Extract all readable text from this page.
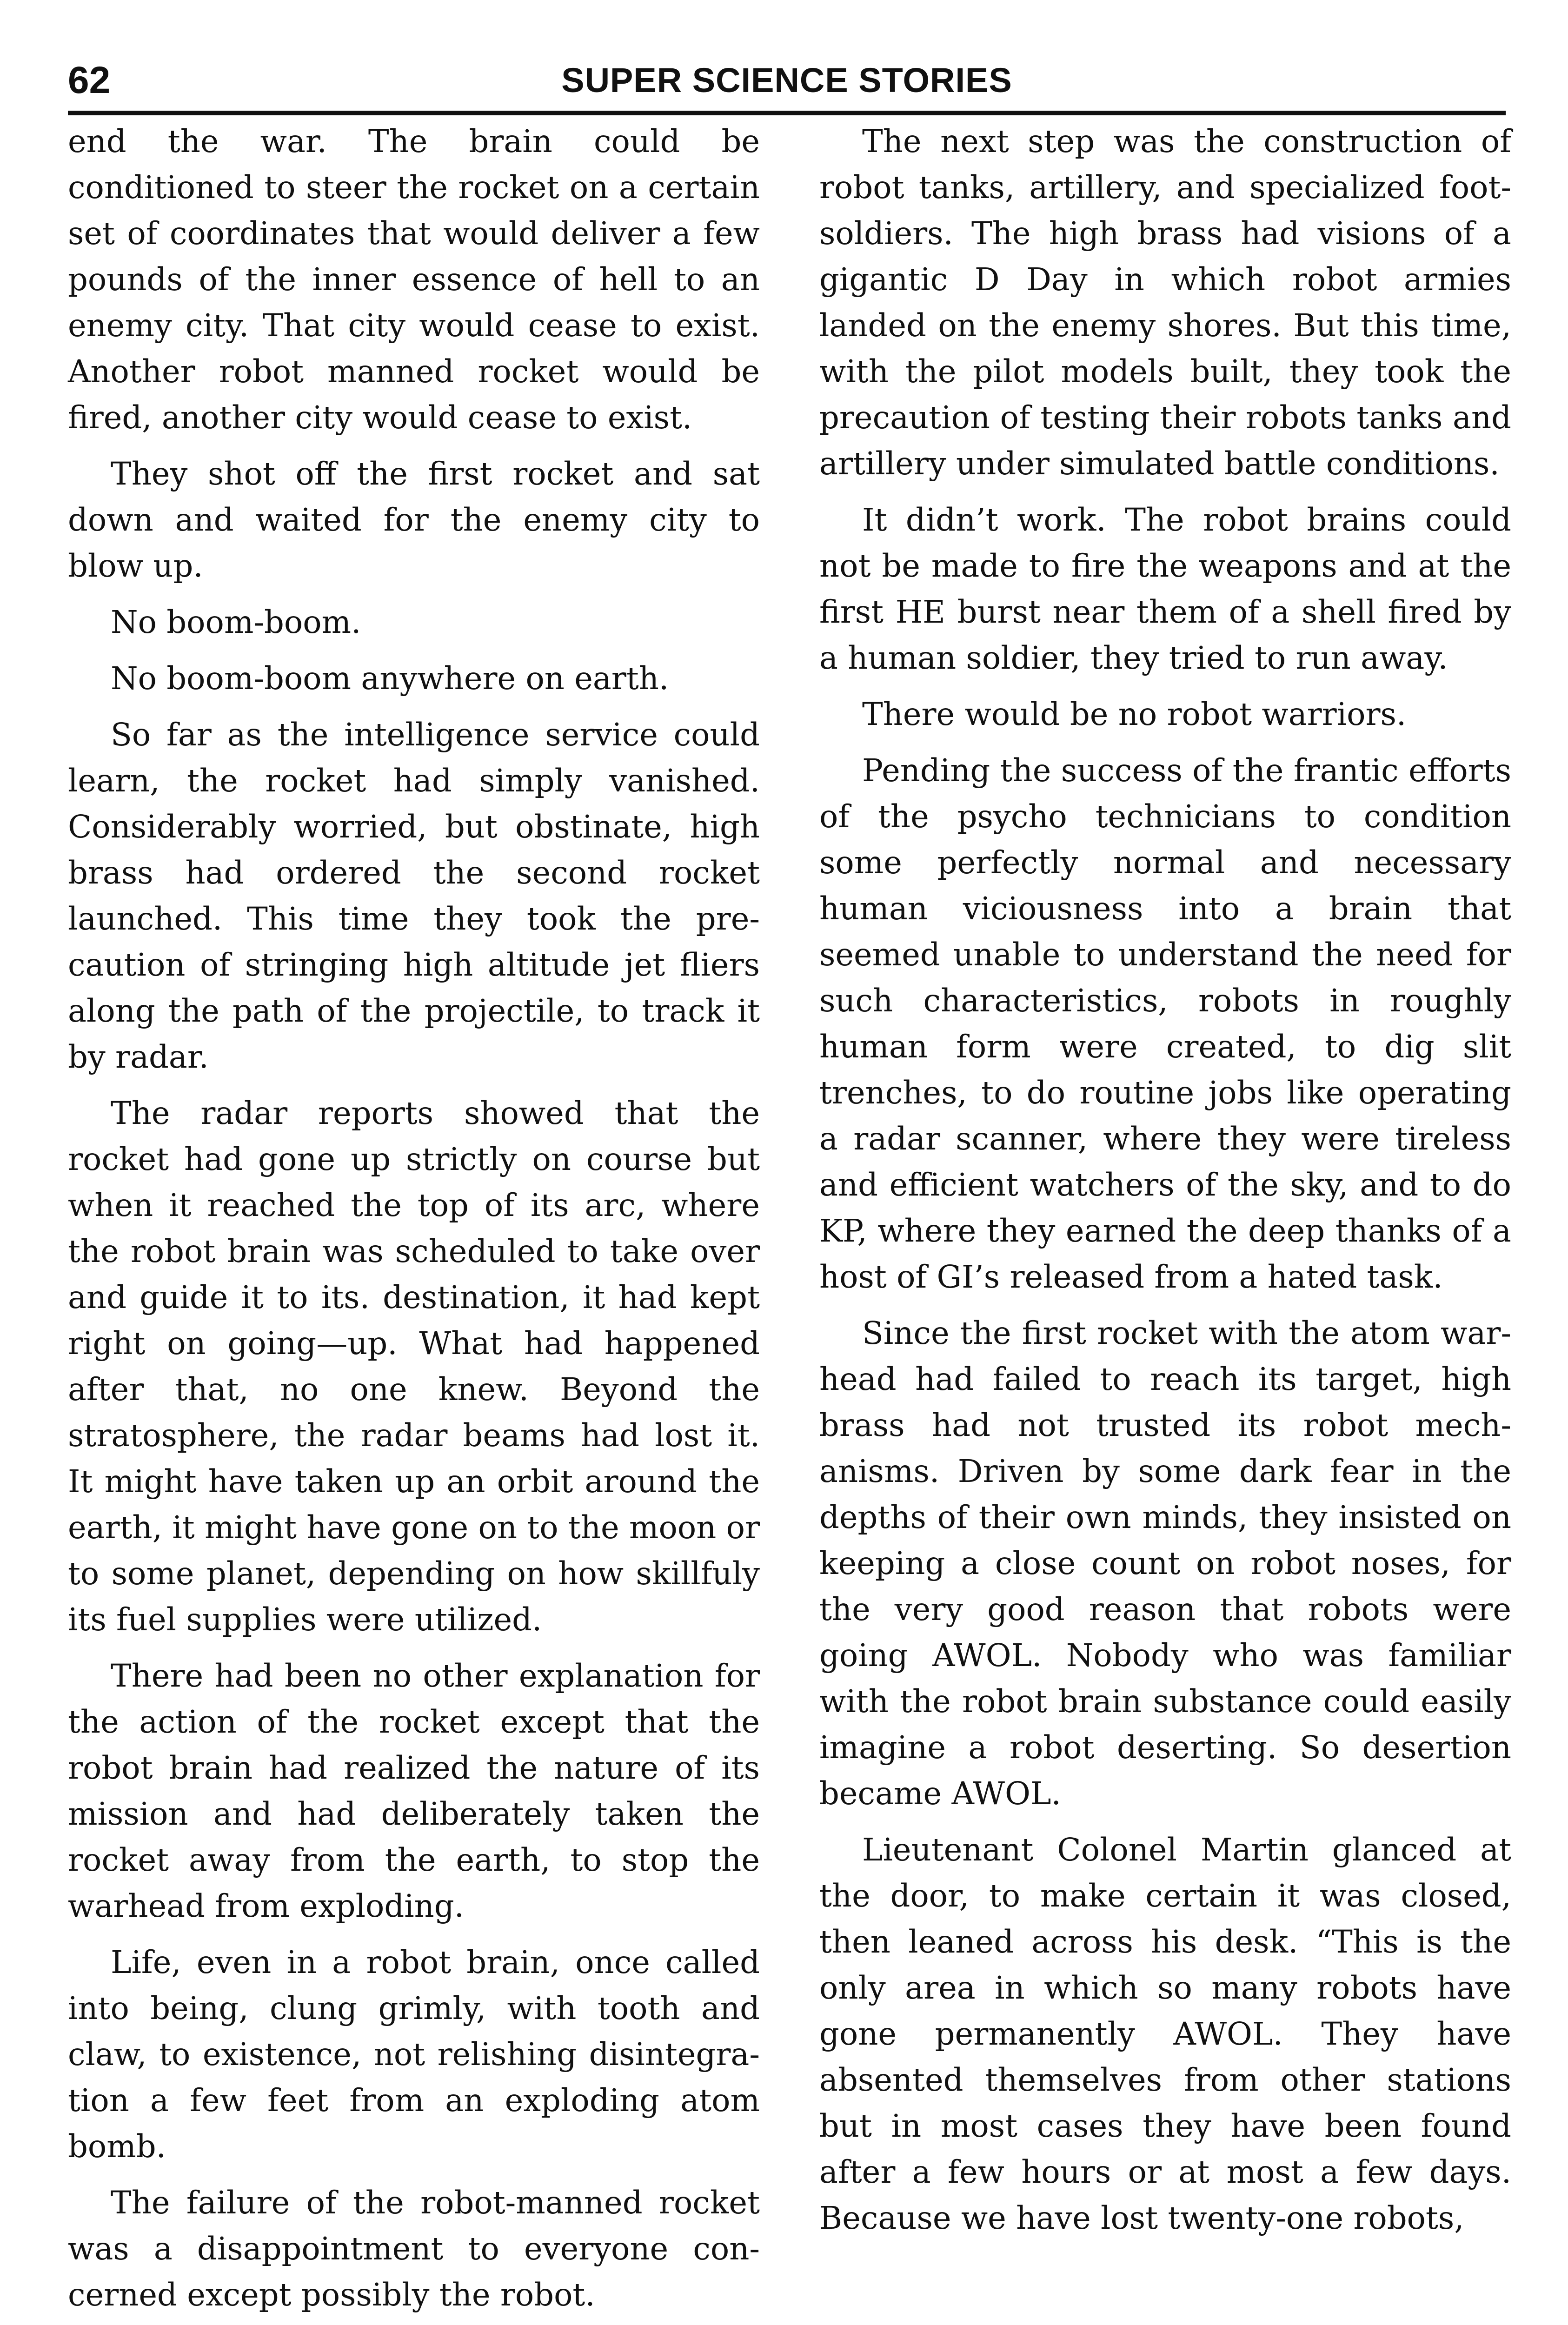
62	SUPER SCIENCE STORIES

end the war. The brain could be conditioned to steer the rocket on a certain set of coordinates that would deliver a few pounds of the inner essence of hell to an enemy city. That city would cease to exist. Another robot manned rocket would be fired, another city would cease to exist.

They shot off the first rocket and sat down and waited for the enemy city to blow up.

No boom-boom.

No boom-boom anywhere on earth.

So far as the intelligence service could learn, the rocket had simply vanished. Considerably worried, but obstinate, high brass had ordered the second rocket launched. This time they took the precaution of stringing high altitude jet fliers along the path of the projectile, to track it by radar.

The radar reports showed that the rocket had gone up strictly on course but when it reached the top of its arc, where the robot brain was scheduled to take over and guide it to its. destination, it had kept right on going—up. What had happened after that, no one knew. Beyond the stratosphere, the radar beams had lost it. It might have taken up an orbit around the earth, it might have gone on to the moon or to some planet, depending on how skillfuly its fuel supplies were utilized.

There had been no other explanation for the action of the rocket except that the robot brain had realized the nature of its mission and had deliberately taken the rocket away from the earth, to stop the warhead from exploding.

Life, even in a robot brain, once called into being, clung grimly, with tooth and claw, to existence, not relishing disintegration a few feet from an exploding atom bomb.

The failure of the robot-manned rocket was a disappointment to everyone concerned except possibly the robot.

The next step was the construction of robot tanks, artillery, and specialized foot-soldiers. The high brass had visions of a gigantic D Day in which robot armies landed on the enemy shores. But this time, with the pilot models built, they took the precaution of testing their robots tanks and artillery under simulated battle conditions.

It didn’t work. The robot brains could not be made to fire the weapons and at the first HE burst near them of a shell fired by a human soldier, they tried to run away.

There would be no robot warriors.

Pending the success of the frantic efforts of the psycho technicians to condition some perfectly normal and necessary human viciousness into a brain that seemed unable to understand the need for such characteristics, robots in roughly human form were created, to dig slit trenches, to do routine jobs like operating a radar scanner, where they were tireless and efficient watchers of the sky, and to do KP, where they earned the deep thanks of a host of GI’s released from a hated task.

Since the first rocket with the atom warhead had failed to reach its target, high brass had not trusted its robot mechanisms. Driven by some dark fear in the depths of their own minds, they insisted on keeping a close count on robot noses, for the very good reason that robots were going AWOL. Nobody who was familiar with the robot brain substance could easily imagine a robot deserting. So desertion became AWOL.

Lieutenant Colonel Martin glanced at the door, to make certain it was closed, then leaned across his desk. “This is the only area in which so many robots have gone permanently AWOL. They have absented themselves from other stations but in most cases they have been found after a few hours or at most a few days. Because we have lost twenty-one robots,
